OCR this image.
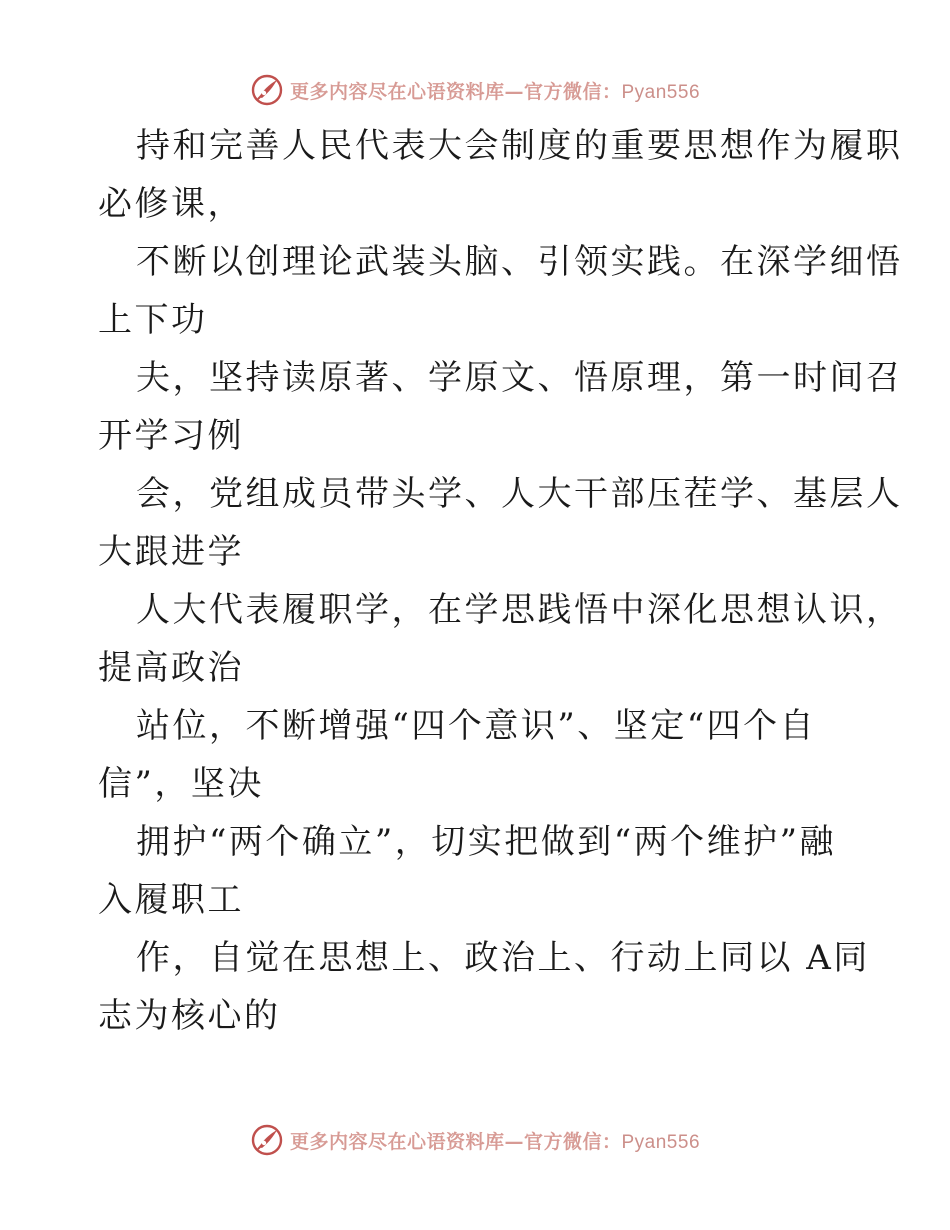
更多内容尽在心语资料库—官方微信：Pyan556
持和完善人民代表大会制度的重要思想作为履职
必修课，
不断以创理论武装头脑、引领实践。在深学细悟
上下功
夫，坚持读原著、学原文、悟原理，第一时间召
开学习例
会，党组成员带头学、人大干部压茬学、基层人
大跟进学
人大代表履职学，在学思践悟中深化思想认识，
提高政治
站位，不断增强“四个意识”、坚定“四个自
信”，坚决
拥护“两个确立”，切实把做到“两个维护”融
入履职工
作，自觉在思想上、政治上、行动上同以 A同
志为核心的
更多内容尽在心语资料库—官方微信：Pyan556
